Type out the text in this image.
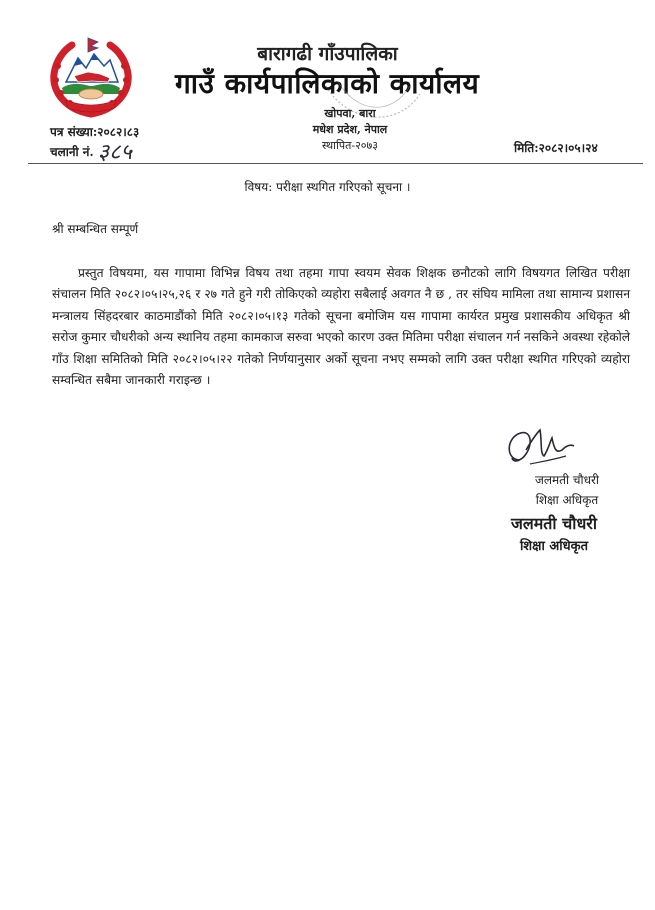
बारागढी गाँउपालिका
गाउँ कार्यपालिकाको कार्यालय
खोपवा, बारा
मधेश प्रदेश, नेपाल
स्थापित-२०७३
पत्र संख्या:२०८२।८३
चलानी नं. ३८५	मिति:२०८२।०५।२४
विषय: परीक्षा स्थगित गरिएको सूचना ।
श्री सम्बन्धित सम्पूर्ण
प्रस्तुत विषयमा, यस गापामा विभिन्न विषय तथा तहमा गापा स्वयम सेवक शिक्षक छनौटको लागि विषयगत लिखित परीक्षा संचालन मिति २०८२।०५।२५,२६ र २७ गते हुने गरी तोकिएको व्यहोरा सबैलाई अवगत नै छ , तर संघिय मामिला तथा सामान्य प्रशासन मन्त्रालय सिंहदरबार काठमाडौंको मिति २०८२।०५।१३ गतेको सूचना बमोजिम यस गापामा कार्यरत प्रमुख प्रशासकीय अधिकृत श्री सरोज कुमार चौधरीको अन्य स्थानिय तहमा कामकाज सरुवा भएको कारण उक्त मितिमा परीक्षा संचालन गर्न नसकिने अवस्था रहेकोले गाँउ शिक्षा समितिको मिति २०८२।०५।२२ गतेको निर्णयानुसार अर्को सूचना नभए सम्मको लागि उक्त परीक्षा स्थगित गरिएको व्यहोरा सम्वन्धित सबैमा जानकारी गराइन्छ ।
जलमती चौधरी
शिक्षा अधिकृत
जलमती चौधरी
शिक्षा अधिकृत
